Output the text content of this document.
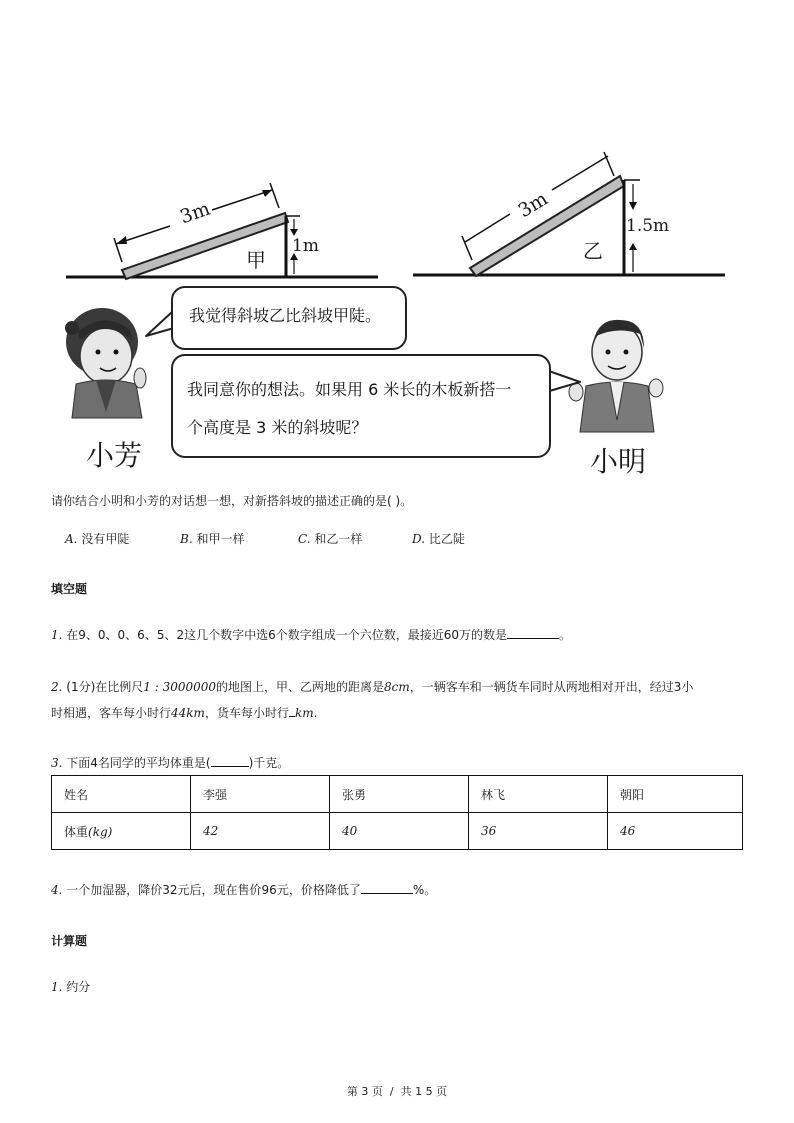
3m
1m
甲
3m
1.5m
乙
我觉得斜坡乙比斜坡甲陡。
我同意你的想法。如果用 6 米长的木板新搭一
个高度是 3 米的斜坡呢？
小芳	小明
请你结合小明和小芳的对话想一想，对新搭斜坡的描述正确的是( )。
A. 没有甲陡	B. 和甲一样	C. 和乙一样	D. 比乙陡
填空题
1. 在9、0、0、6、5、2这几个数字中选6个数字组成一个六位数，最接近60万的数是	。
2. (1分)在比例尺1 : 3000000的地图上，甲、乙两地的距离是8cm，一辆客车和一辆货车同时从两地相对开出，经过3小
时相遇，客车每小时行44km，货车每小时行 km.
3. 下面4名同学的平均体重是(	)千克。
姓名	李强	张勇	林飞	朝阳
体重(kg)	42	40	36	46
4. 一个加湿器，降价32元后，现在售价96元，价格降低了	%。
计算题
1. 约分
第 3 页  /  共 1 5 页
